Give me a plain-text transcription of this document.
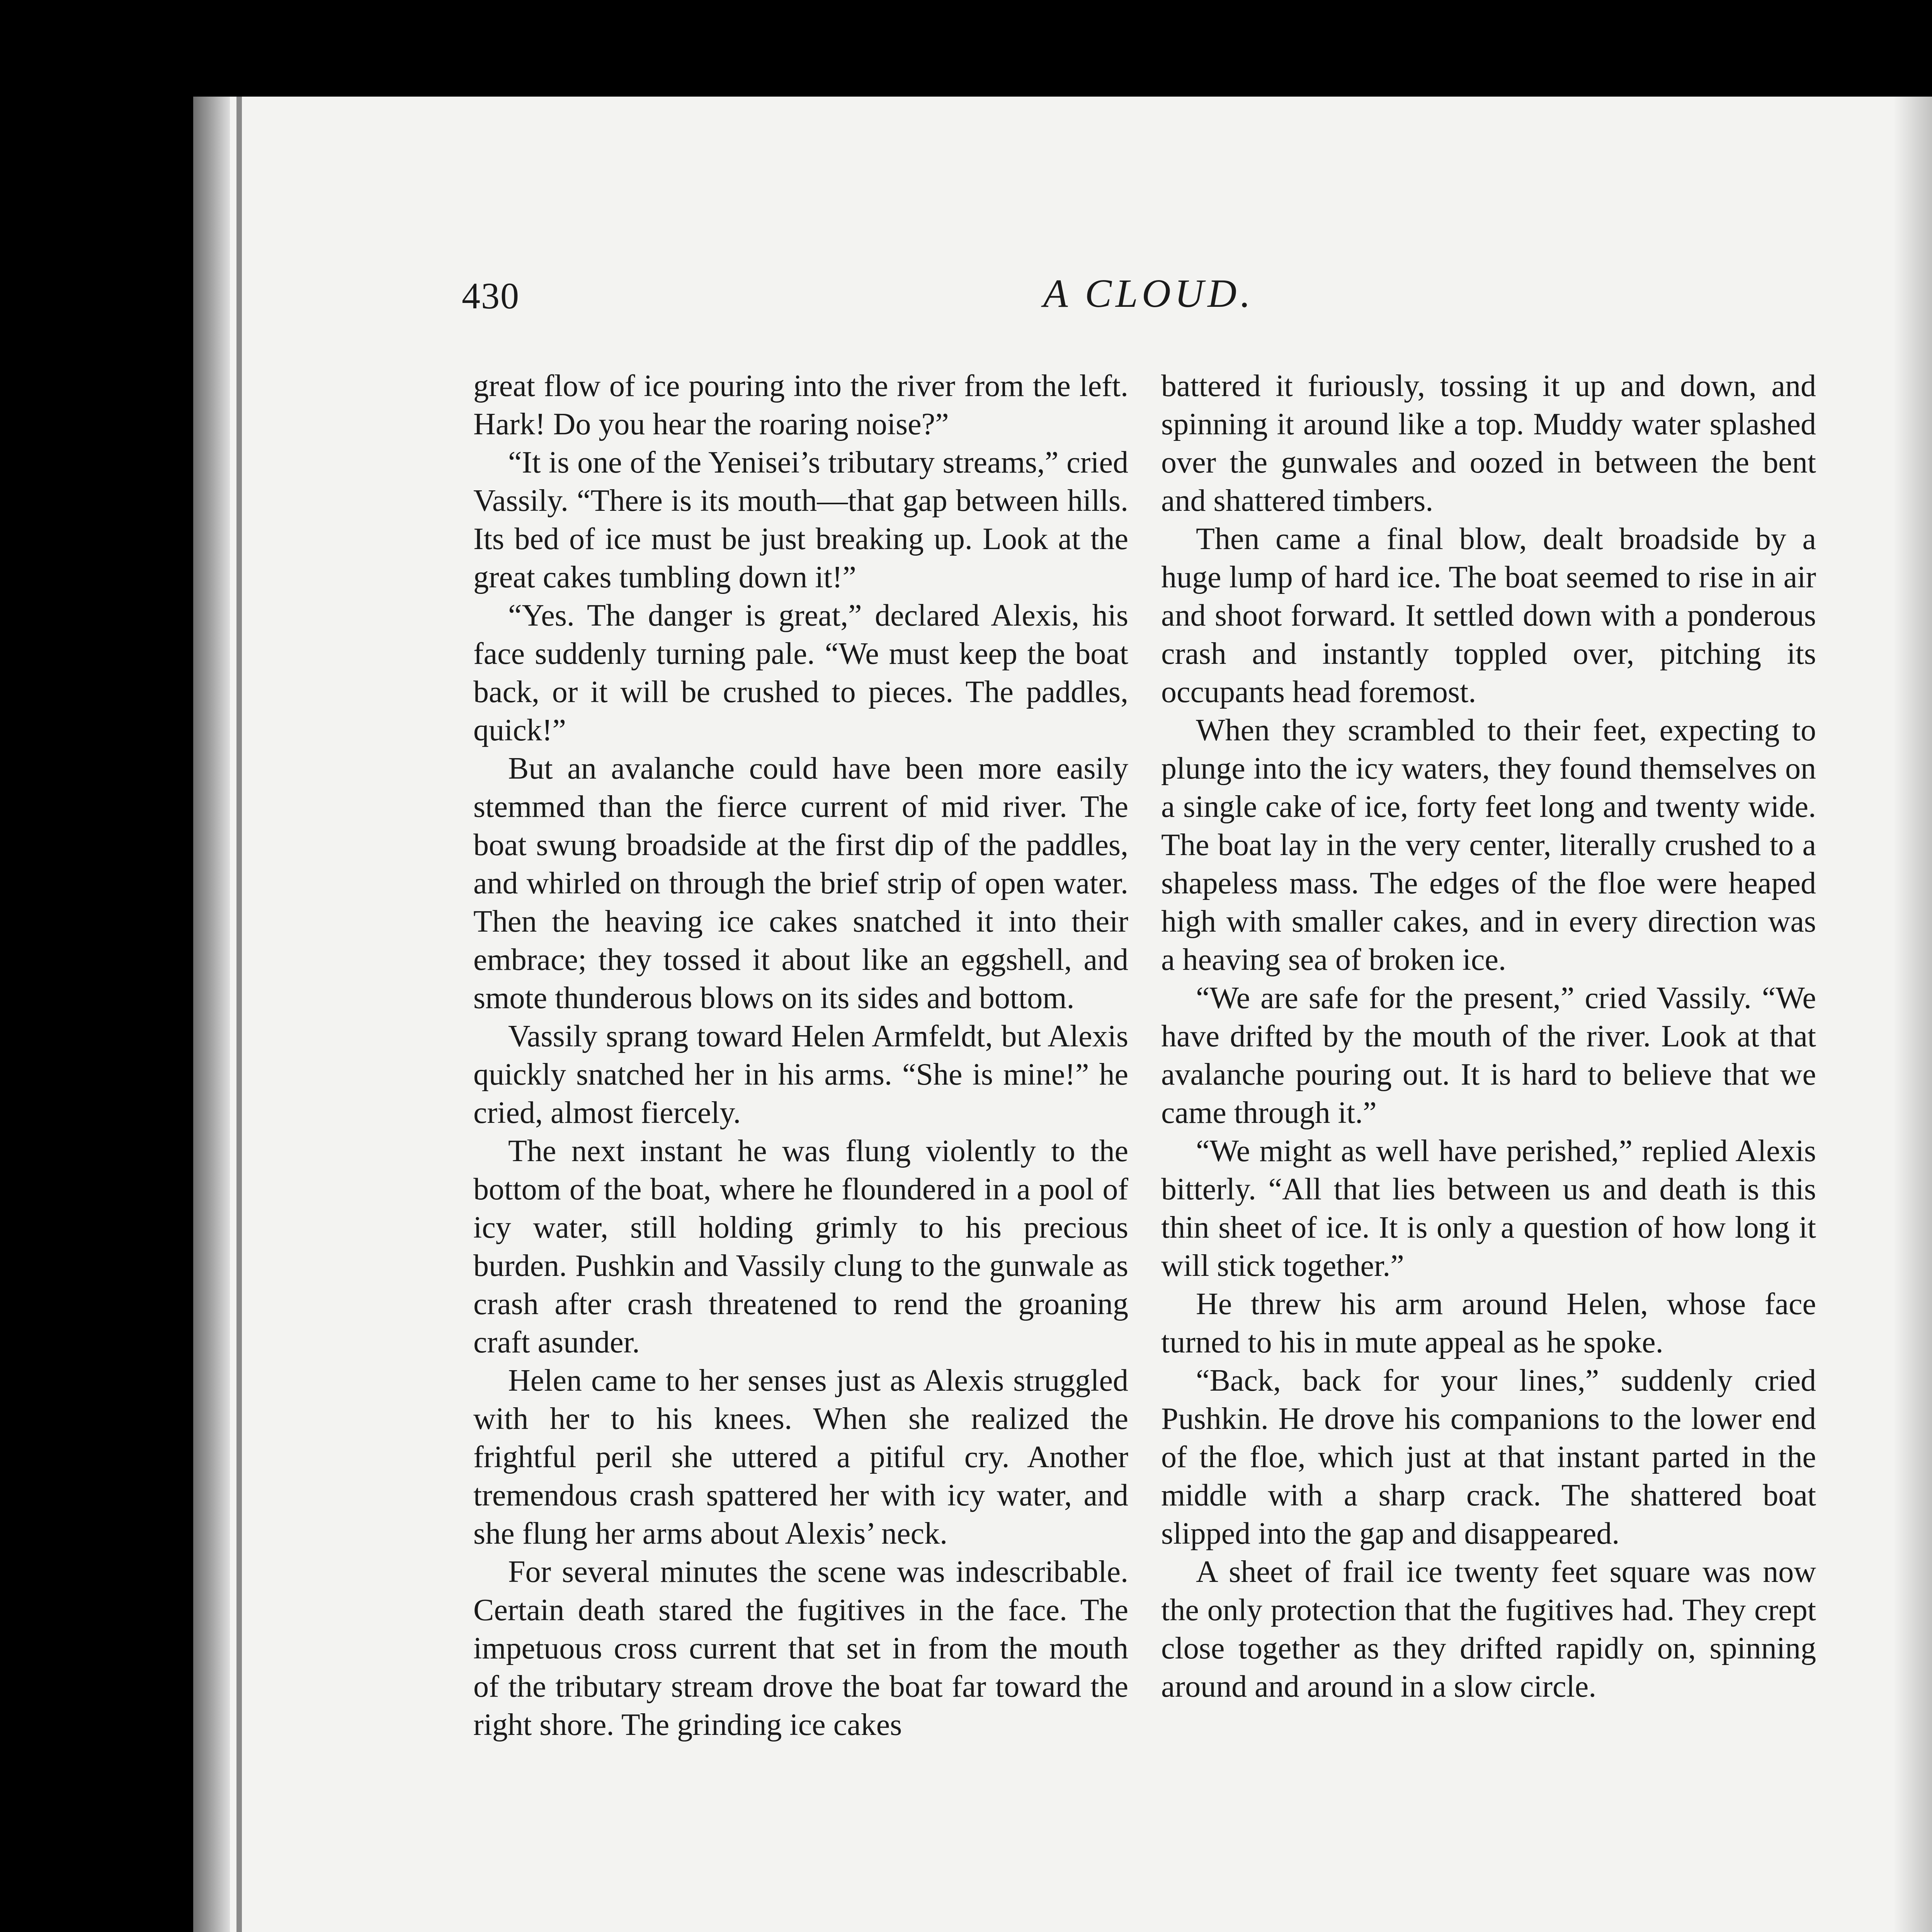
430	A CLOUD.

great flow of ice pouring into the river from the left. Hark! Do you hear the roaring noise?”

“It is one of the Yenisei’s tributary streams,” cried Vassily. “There is its mouth—that gap between hills. Its bed of ice must be just breaking up. Look at the great cakes tumbling down it!”

“Yes. The danger is great,” declared Alexis, his face suddenly turning pale. “We must keep the boat back, or it will be crushed to pieces. The paddles, quick!”

But an avalanche could have been more easily stemmed than the fierce current of mid river. The boat swung broadside at the first dip of the paddles, and whirled on through the brief strip of open water. Then the heaving ice cakes snatched it into their embrace; they tossed it about like an eggshell, and smote thunderous blows on its sides and bottom.

Vassily sprang toward Helen Armfeldt, but Alexis quickly snatched her in his arms. “She is mine!” he cried, almost fiercely.

The next instant he was flung violently to the bottom of the boat, where he floundered in a pool of icy water, still holding grimly to his precious burden. Pushkin and Vassily clung to the gunwale as crash after crash threatened to rend the groaning craft asunder.

Helen came to her senses just as Alexis struggled with her to his knees. When she realized the frightful peril she uttered a pitiful cry. Another tremendous crash spattered her with icy water, and she flung her arms about Alexis’ neck.

For several minutes the scene was indescribable. Certain death stared the fugitives in the face. The impetuous cross current that set in from the mouth of the tributary stream drove the boat far toward the right shore. The grinding ice cakes

battered it furiously, tossing it up and down, and spinning it around like a top. Muddy water splashed over the gunwales and oozed in between the bent and shattered timbers.

Then came a final blow, dealt broadside by a huge lump of hard ice. The boat seemed to rise in air and shoot forward. It settled down with a ponderous crash and instantly toppled over, pitching its occupants head foremost.

When they scrambled to their feet, expecting to plunge into the icy waters, they found themselves on a single cake of ice, forty feet long and twenty wide. The boat lay in the very center, literally crushed to a shapeless mass. The edges of the floe were heaped high with smaller cakes, and in every direction was a heaving sea of broken ice.

“We are safe for the present,” cried Vassily. “We have drifted by the mouth of the river. Look at that avalanche pouring out. It is hard to believe that we came through it.”

“We might as well have perished,” replied Alexis bitterly. “All that lies between us and death is this thin sheet of ice. It is only a question of how long it will stick together.”

He threw his arm around Helen, whose face turned to his in mute appeal as he spoke.

“Back, back for your lines,” suddenly cried Pushkin. He drove his companions to the lower end of the floe, which just at that instant parted in the middle with a sharp crack. The shattered boat slipped into the gap and disappeared.

A sheet of frail ice twenty feet square was now the only protection that the fugitives had. They crept close together as they drifted rapidly on, spinning around and around in a slow circle.
